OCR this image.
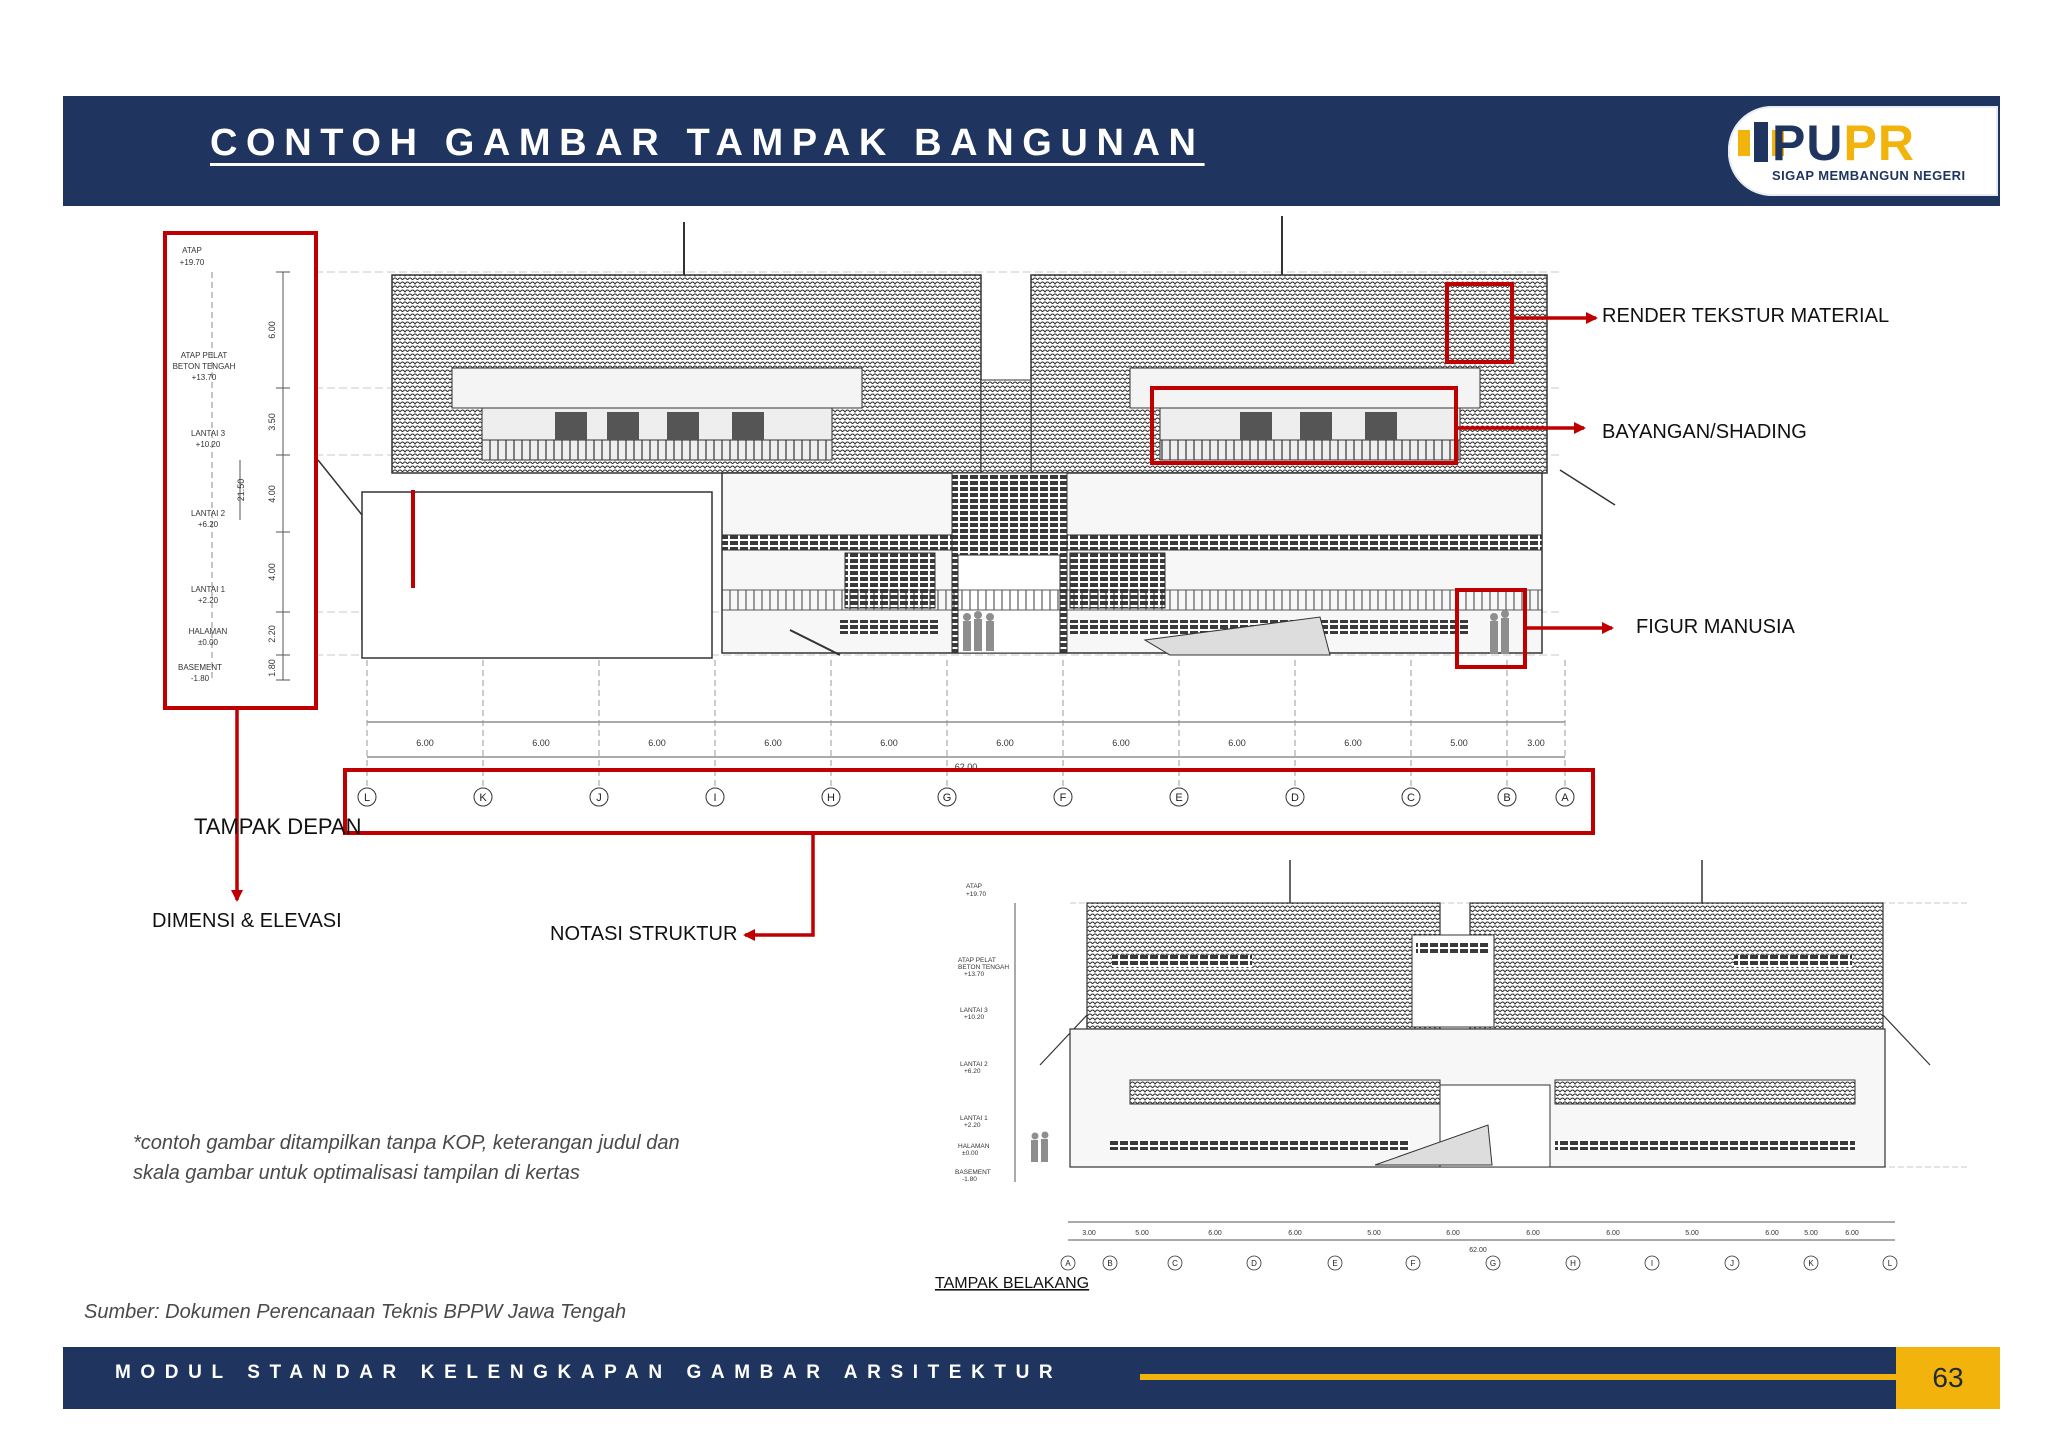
CONTOH GAMBAR TAMPAK BANGUNAN	PUPR
SIGAP MEMBANGUN NEGERI
ATAP
+19.70
ATAP PELAT
BETON TENGAH
+13.70
LANTAI 3
+10.20
LANTAI 2
+6.20
LANTAI 1
+2.20
HALAMAN
±0.00
BASEMENT
-1.80
6.00
3.50
4.00
4.00
2.20
1.80
21.50
6.00	6.00	6.00	6.00	6.00	6.00	6.00	6.00	6.00	5.00	3.00
62.00
L	K	J	I	H	G	F	E	D	C	B	A
ATAP
+19.70
ATAP PELAT
BETON TENGAH
+13.70
LANTAI 3
+10.20
LANTAI 2
+6.20
LANTAI 1
+2.20
HALAMAN
±0.00
BASEMENT
-1.80
3.00	5.00	6.00	6.00	5.00	6.00	6.00	6.00	5.00	6.00	5.00	6.00
62.00
A	B	C	D	E	F	G	H	I	J	K	L
TAMPAK DEPAN
TAMPAK BELAKANG
RENDER TEKSTUR MATERIAL
BAYANGAN/SHADING
FIGUR MANUSIA
DIMENSI & ELEVASI
NOTASI STRUKTUR
*contoh gambar ditampilkan tanpa KOP, keterangan judul dan
skala gambar untuk optimalisasi tampilan di kertas
Sumber: Dokumen Perencanaan Teknis BPPW Jawa Tengah
MODUL STANDAR KELENGKAPAN GAMBAR ARSITEKTUR	63
